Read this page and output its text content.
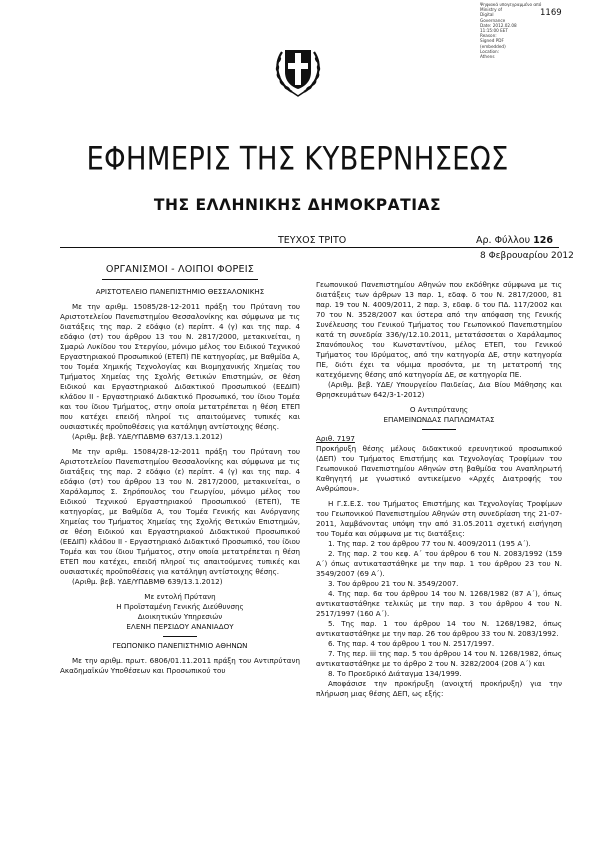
Ψηφιακά υπογεγραμμένο από
Ministry of
Digital
Governance
Date: 2012.02.08
11:15:00 EET
Reason:
Signed PDF
(embedded)
Location:
Athens
1169
ΕΦΗΜΕΡΙΣ ΤΗΣ ΚΥΒΕΡΝΗΣΕΩΣ
ΤΗΣ ΕΛΛΗΝΙΚΗΣ ΔΗΜΟΚΡΑΤΙΑΣ
ΤΕΥΧΟΣ ΤΡΙΤΟ	Αρ. Φύλλου 126
8 Φεβρουαρίου 2012
ΟΡΓΑΝΙΣΜΟΙ - ΛΟΙΠΟΙ ΦΟΡΕΙΣ

ΑΡΙΣΤΟΤΕΛΕΙΟ ΠΑΝΕΠΙΣΤΗΜΙΟ ΘΕΣΣΑΛΟΝΙΚΗΣ

Με την αριθμ. 15085/28-12-2011 πράξη του Πρύτανη του Αριστοτελείου Πανεπιστημίου Θεσσαλονίκης και σύμφωνα με τις διατάξεις της παρ. 2 εδάφιο (ε) περίπτ. 4 (γ) και της παρ. 4 εδάφιο (στ) του άρθρου 13 του Ν. 2817/2000, μετακινείται, η Σμαρώ Λυκίδου του Στεργίου, μόνιμο μέλος του Ειδικού Τεχνικού Εργαστηριακού Προσωπικού (ΕΤΕΠ) ΠΕ κατηγορίας, με Βαθμίδα Α, του Τομέα Χημικής Τεχνολογίας και Βιομηχανικής Χημείας του Τμήματος Χημείας της Σχολής Θετικών Επιστημών, σε θέση Ειδικού και Εργαστηριακού Διδακτικού Προσωπικού (ΕΕΔΙΠ) κλάδου ΙΙ - Εργαστηριακό Διδακτικό Προσωπικό, του ίδιου Τομέα και του ίδιου Τμήματος, στην οποία μετατρέπεται η θέση ΕΤΕΠ που κατέχει επειδή πληροί τις απαιτούμενες τυπικές και ουσιαστικές προϋποθέσεις για κατάληψη αντίστοιχης θέσης.

(Αριθμ. βεβ. ΥΔΕ/ΥΠΔΒΜΘ 637/13.1.2012)

Με την αριθμ. 15084/28-12-2011 πράξη του Πρύτανη του Αριστοτελείου Πανεπιστημίου Θεσσαλονίκης και σύμφωνα με τις διατάξεις της παρ. 2 εδάφιο (ε) περίπτ. 4 (γ) και της παρ. 4 εδάφιο (στ) του άρθρου 13 του Ν. 2817/2000, μετακινείται, ο Χαράλαμπος Σ. Σηρόπουλος του Γεωργίου, μόνιμο μέλος του Ειδικού Τεχνικού Εργαστηριακού Προσωπικού (ΕΤΕΠ), ΤΕ κατηγορίας, με Βαθμίδα Α, του Τομέα Γενικής και Ανόργανης Χημείας του Τμήματος Χημείας της Σχολής Θετικών Επιστημών, σε θέση Ειδικού και Εργαστηριακού Διδακτικού Προσωπικού (ΕΕΔΙΠ) κλάδου ΙΙ - Εργαστηριακό Διδακτικό Προσωπικό, του ίδιου Τομέα και του ίδιου Τμήματος, στην οποία μετατρέπεται η θέση ΕΤΕΠ που κατέχει, επειδή πληροί τις απαιτούμενες τυπικές και ουσιαστικές προϋποθέσεις για κατάληψη αντίστοιχης θέσης.

(Αριθμ. βεβ. ΥΔΕ/ΥΠΔΒΜΘ 639/13.1.2012)

Με εντολή Πρύτανη

Η Προϊσταμένη Γενικής Διεύθυνσης

Διοικητικών Υπηρεσιών

ΕΛΕΝΗ ΠΕΡΣΙΔΟΥ ΑΝΑΝΙΑΔΟΥ

ΓΕΩΠΟΝΙΚΟ ΠΑΝΕΠΙΣΤΗΜΙΟ ΑΘΗΝΩΝ

Με την αριθμ. πρωτ. 6806/01.11.2011 πράξη του Αντιπρύτανη Ακαδημαϊκών Υποθέσεων και Προσωπικού του

Γεωπονικού Πανεπιστημίου Αθηνών που εκδόθηκε σύμφωνα με τις διατάξεις των άρθρων 13 παρ. 1, εδαφ. δ του Ν. 2817/2000, 81 παρ. 19 του Ν. 4009/2011, 2 παρ. 3, εδαφ. δ του ΠΔ. 117/2002 και 70 του Ν. 3528/2007 και ύστερα από την απόφαση της Γενικής Συνέλευσης του Γενικού Τμήματος του Γεωπονικού Πανεπιστημίου κατά τη συνεδρία 336/γ/12.10.2011, μετατάσσεται ο Χαράλαμπος Σπανόπουλος του Κωνσταντίνου, μέλος ΕΤΕΠ, του Γενικού Τμήματος του Ιδρύματος, από την κατηγορία ΔΕ, στην κατηγορία ΠΕ, διότι έχει τα νόμιμα προσόντα, με τη μετατροπή της κατεχόμενης θέσης από κατηγορία ΔΕ, σε κατηγορία ΠΕ.

(Αριθμ. βεβ. ΥΔΕ/ Υπουργείου Παιδείας, Δια Βίου Μάθησης και Θρησκευμάτων 642/3-1-2012)

Ο Αντιπρύτανης

ΕΠΑΜΕΙΝΩΝΔΑΣ ΠΑΠΛΩΜΑΤΑΣ

Αριθ. 7197

Προκήρυξη θέσης μέλους διδακτικού ερευνητικού προσωπικού (ΔΕΠ) του Τμήματος Επιστήμης και Τεχνολογίας Τροφίμων του Γεωπονικού Πανεπιστημίου Αθηνών στη βαθμίδα του Αναπληρωτή Καθηγητή με γνωστικό αντικείμενο «Αρχές Διατροφής του Ανθρώπου».

Η Γ.Σ.Ε.Σ. του Τμήματος Επιστήμης και Τεχνολογίας Τροφίμων του Γεωπονικού Πανεπιστημίου Αθηνών στη συνεδρίαση της 21-07-2011, λαμβάνοντας υπόψη την από 31.05.2011 σχετική εισήγηση του Τομέα και σύμφωνα με τις διατάξεις:

1. Της παρ. 2 του άρθρου 77 του Ν. 4009/2011 (195 Α΄).

2. Της παρ. 2 του κεφ. Α΄ του άρθρου 6 του Ν. 2083/1992 (159 Α΄) όπως αντικαταστάθηκε με την παρ. 1 του άρθρου 23 του Ν. 3549/2007 (69 Α΄).

3. Του άρθρου 21 του Ν. 3549/2007.

4. Της παρ. 6α του άρθρου 14 του Ν. 1268/1982 (87 Α΄), όπως αντικαταστάθηκε τελικώς με την παρ. 3 του άρθρου 4 του Ν. 2517/1997 (160 Α΄).

5. Της παρ. 1 του άρθρου 14 του Ν. 1268/1982, όπως αντικαταστάθηκε με την παρ. 26 του άρθρου 33 του Ν. 2083/1992.

6. Της παρ. 4 του άρθρου 1 του Ν. 2517/1997.

7. Της περ. iii της παρ. 5 του άρθρου 14 του Ν. 1268/1982, όπως αντικαταστάθηκε με το άρθρο 2 του Ν. 3282/2004 (208 Α΄) και

8. Το Προεδρικό Διάταγμα 134/1999.

Αποφάσισε την προκήρυξη (ανοιχτή προκήρυξη) για την πλήρωση μιας θέσης ΔΕΠ, ως εξής:
